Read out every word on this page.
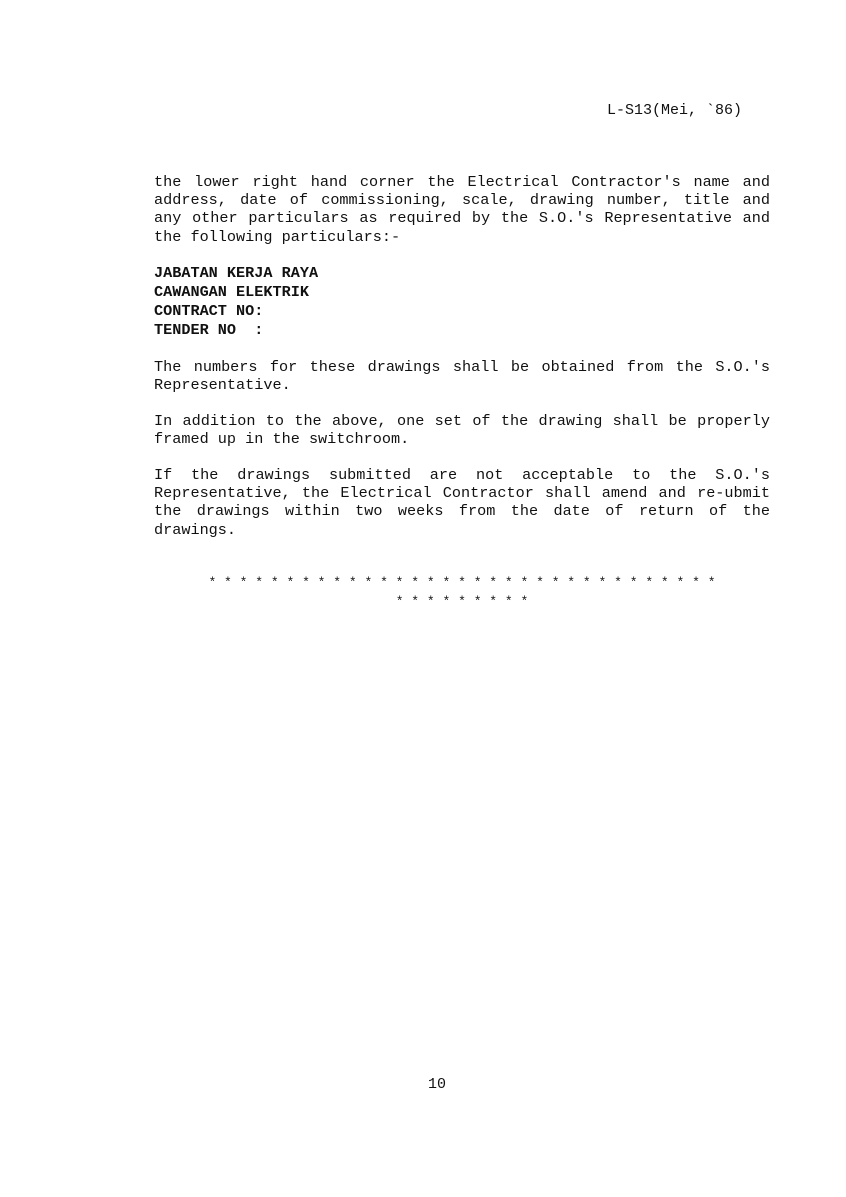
L-S13(Mei, `86)
the lower right hand corner the Electrical Contractor's name and address, date of commissioning, scale, drawing number, title and any other particulars as required by the S.O.'s Representative and the following particulars:-
JABATAN KERJA RAYA
CAWANGAN ELEKTRIK
CONTRACT NO:
TENDER NO  :
The numbers for these drawings shall be obtained from the S.O.'s Representative.
In addition to the above, one set of the drawing shall be properly framed up in the switchroom.
If the drawings submitted are not acceptable to the S.O.'s Representative, the Electrical Contractor shall amend and re-ubmit the drawings within two weeks from the date of return of the drawings.
* * * * * * * * * * * * * * * * * * * * * * * * * * * * * * * * *
* * * * * * * * *
10
